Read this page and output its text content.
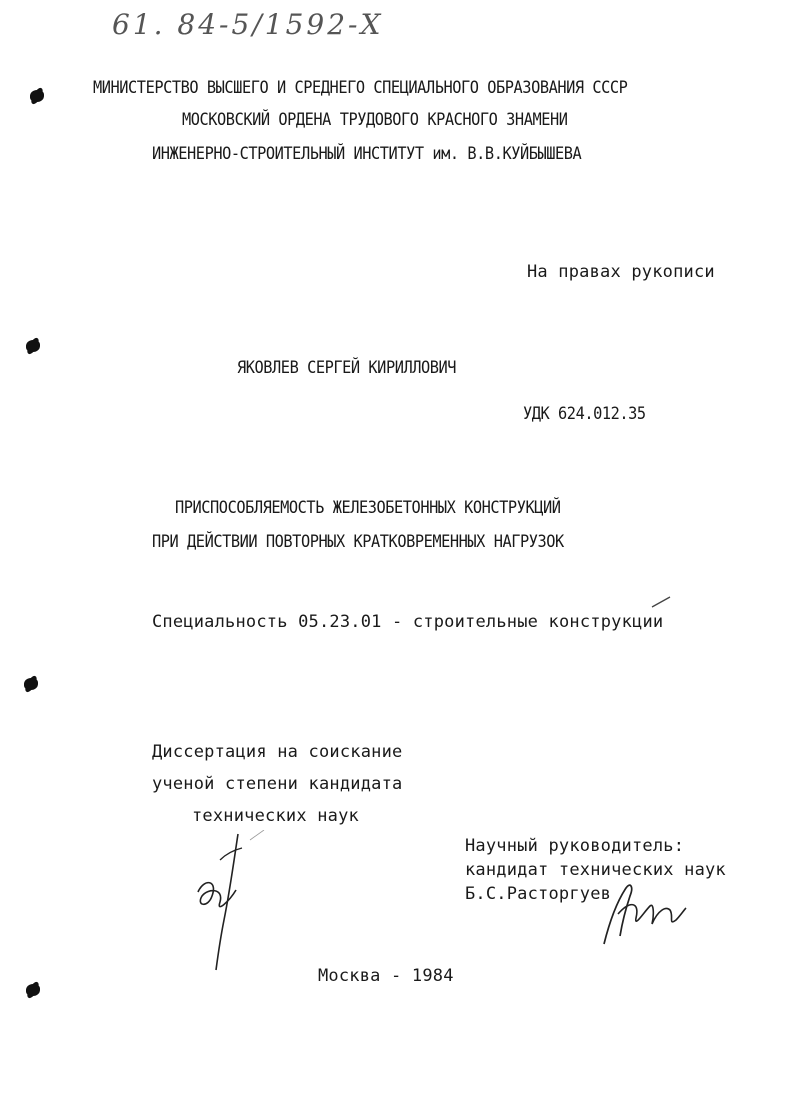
61. 84-5/1592-Х
МИНИСТЕРСТВО ВЫСШЕГО И СРЕДНЕГО СПЕЦИАЛЬНОГО ОБРАЗОВАНИЯ СССР
МОСКОВСКИЙ ОРДЕНА ТРУДОВОГО КРАСНОГО ЗНАМЕНИ
ИНЖЕНЕРНО-СТРОИТЕЛЬНЫЙ ИНСТИТУТ им. В.В.КУЙБЫШЕВА
На правах рукописи
ЯКОВЛЕВ СЕРГЕЙ КИРИЛЛОВИЧ
УДК 624.012.35
ПРИСПОСОБЛЯЕМОСТЬ ЖЕЛЕЗОБЕТОННЫХ КОНСТРУКЦИЙ
ПРИ ДЕЙСТВИИ ПОВТОРНЫХ КРАТКОВРЕМЕННЫХ НАГРУЗОК
Специальность 05.23.01 - строительные конструкции
Диссертация на соискание
ученой степени кандидата
технических наук
Научный руководитель:
кандидат технических наук
Б.С.Расторгуев
Москва - 1984
